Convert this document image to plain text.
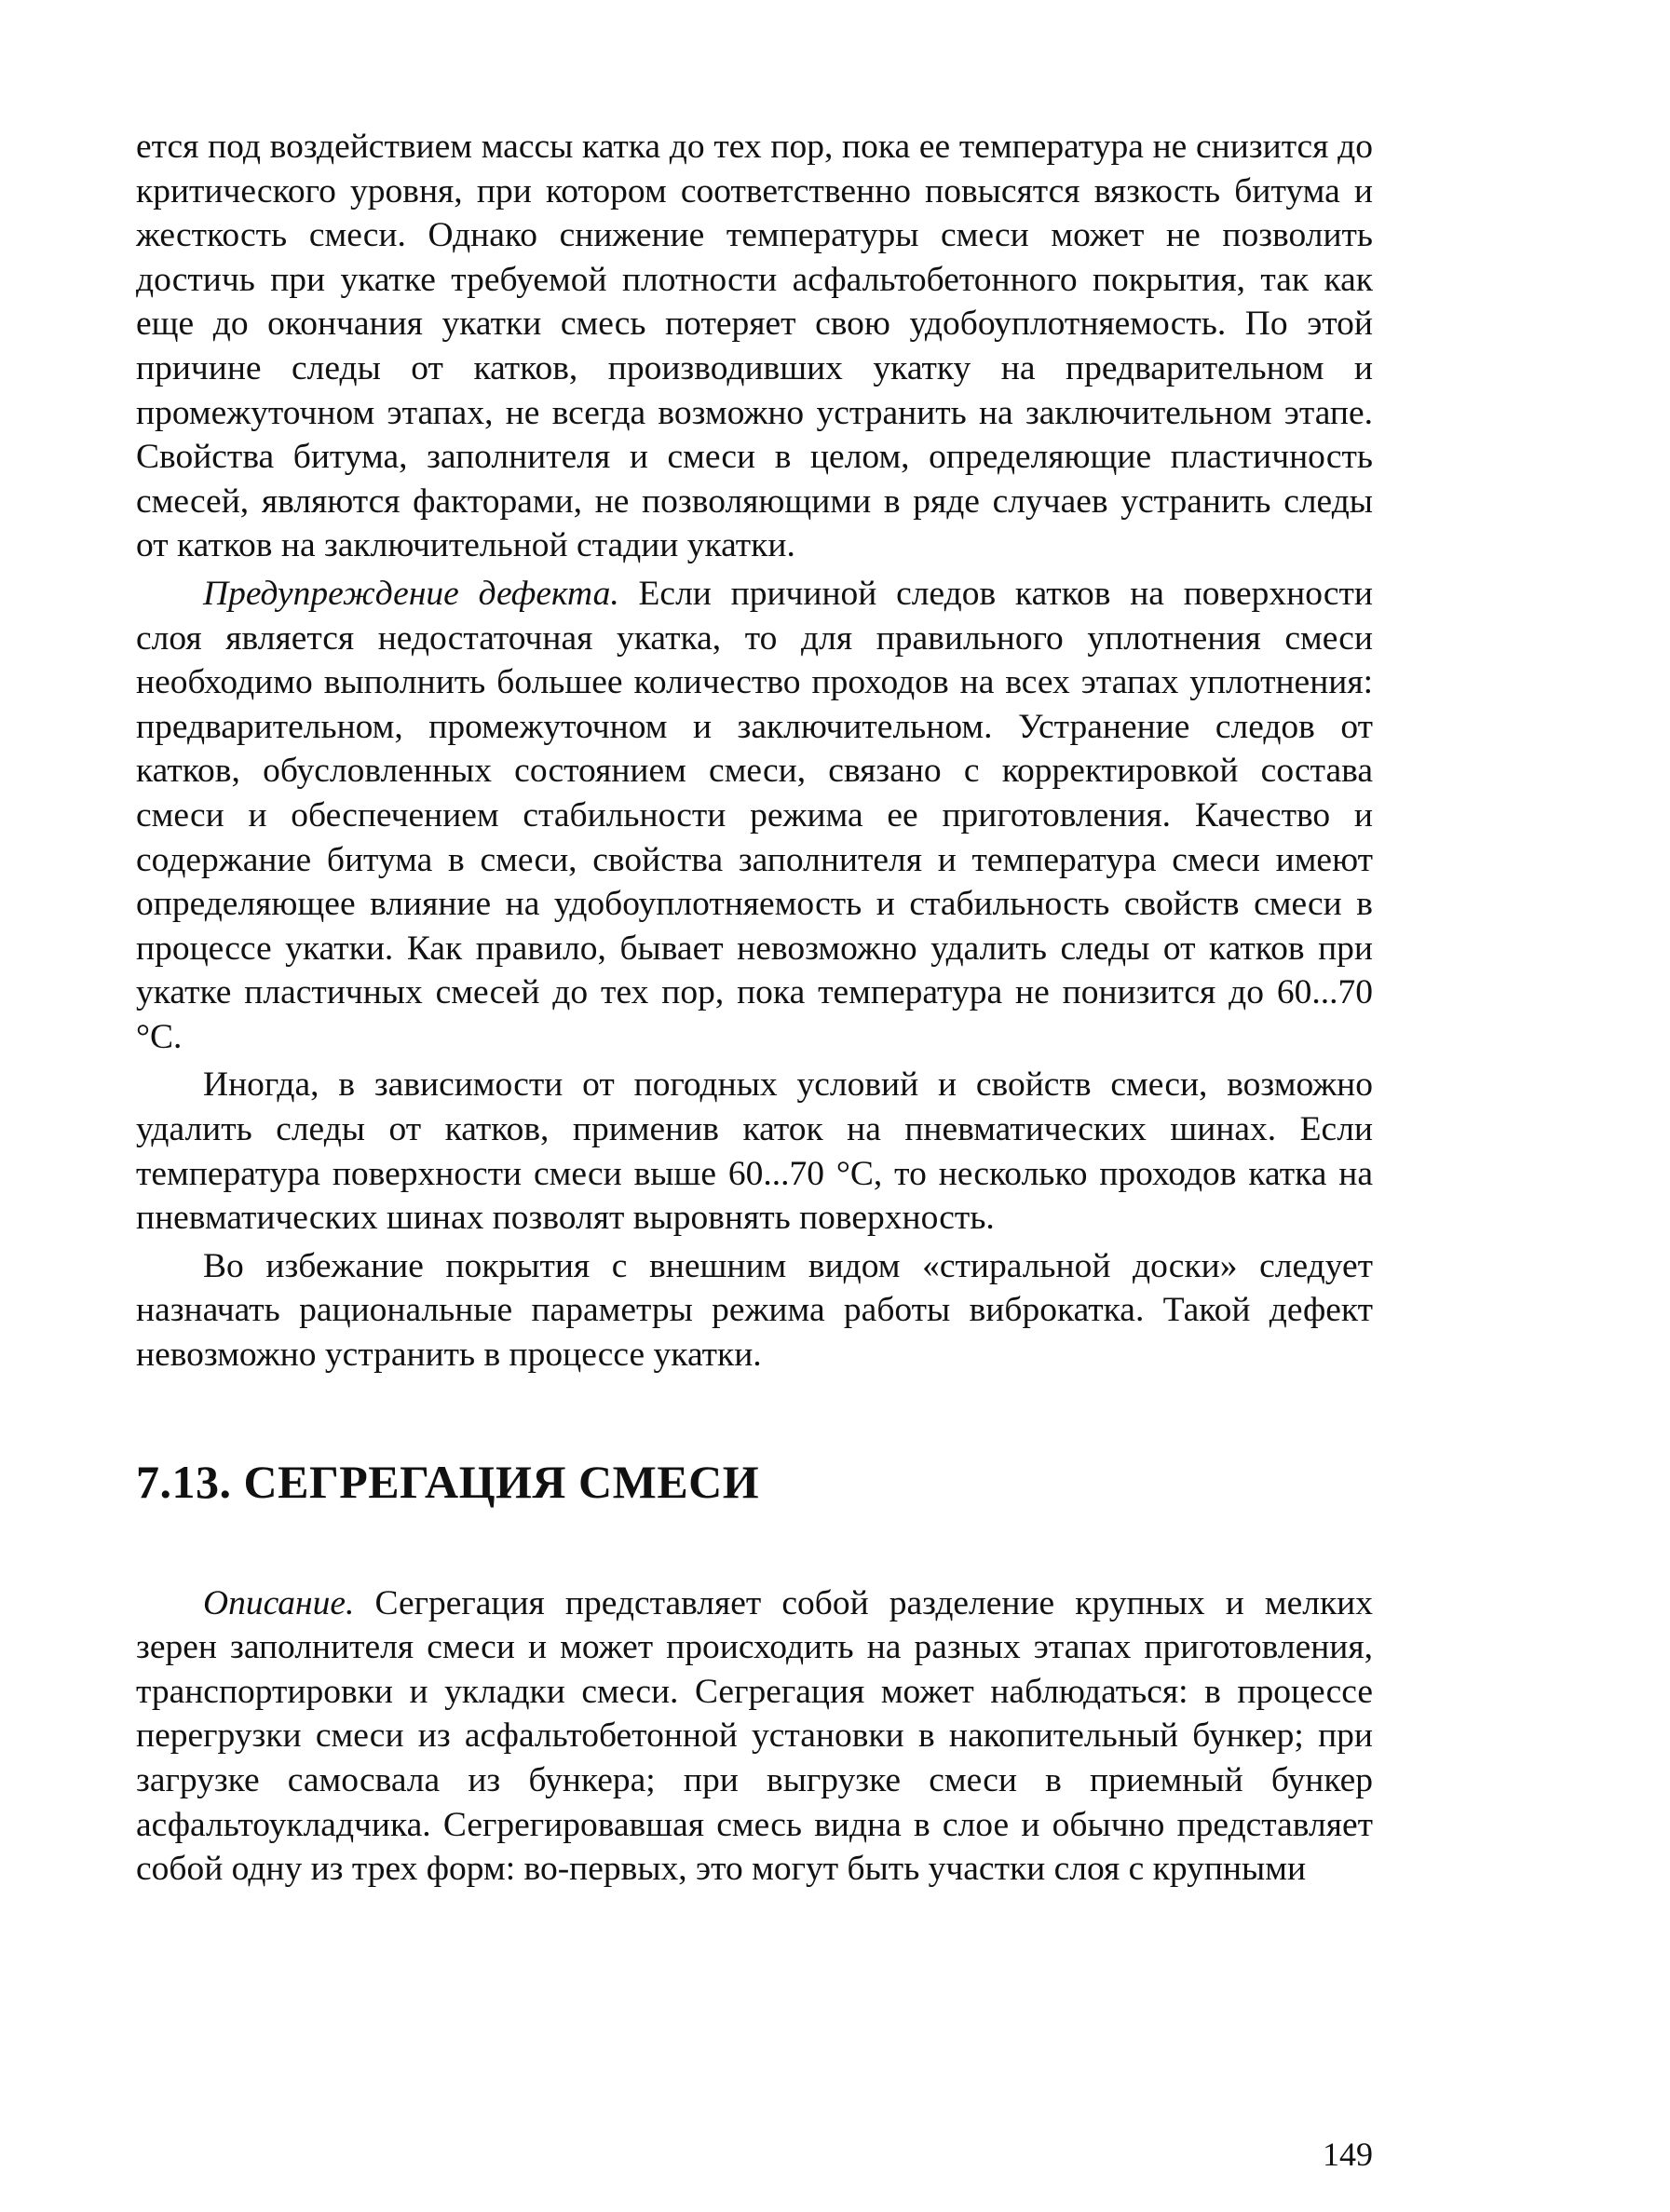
ется под воздействием массы катка до тех пор, пока ее температура не снизится до критического уровня, при котором соответственно повысятся вязкость битума и жесткость смеси. Однако снижение температуры смеси может не позволить достичь при укатке требуемой плотности асфальтобетонного покрытия, так как еще до окончания укатки смесь потеряет свою удобоуплотняемость. По этой причине следы от катков, производивших укатку на предварительном и промежуточном этапах, не всегда возможно устранить на заключительном этапе. Свойства битума, заполнителя и смеси в целом, определяющие пластичность смесей, являются факторами, не позволяющими в ряде случаев устранить следы от катков на заключительной стадии укатки.

Предупреждение дефекта. Если причиной следов катков на поверхности слоя является недостаточная укатка, то для правильного уплотнения смеси необходимо выполнить большее количество проходов на всех этапах уплотнения: предварительном, промежуточном и заключительном. Устранение следов от катков, обусловленных состоянием смеси, связано с корректировкой состава смеси и обеспечением стабильности режима ее приготовления. Качество и содержание битума в смеси, свойства заполнителя и температура смеси имеют определяющее влияние на удобоуплотняемость и стабильность свойств смеси в процессе укатки. Как правило, бывает невозможно удалить следы от катков при укатке пластичных смесей до тех пор, пока температура не понизится до 60...70 °С.

Иногда, в зависимости от погодных условий и свойств смеси, возможно удалить следы от катков, применив каток на пневматических шинах. Если температура поверхности смеси выше 60...70 °С, то несколько проходов катка на пневматических шинах позволят выровнять поверхность.

Во избежание покрытия с внешним видом «стиральной доски» следует назначать рациональные параметры режима работы виброкатка. Такой дефект невозможно устранить в процессе укатки.

7.13. СЕГРЕГАЦИЯ СМЕСИ

Описание. Сегрегация представляет собой разделение крупных и мелких зерен заполнителя смеси и может происходить на разных этапах приготовления, транспортировки и укладки смеси. Сегрегация может наблюдаться: в процессе перегрузки смеси из асфальтобетонной установки в накопительный бункер; при загрузке самосвала из бункера; при выгрузке смеси в приемный бункер асфальтоукладчика. Сегрегировавшая смесь видна в слое и обычно представляет собой одну из трех форм: во-первых, это могут быть участки слоя с крупными

149
